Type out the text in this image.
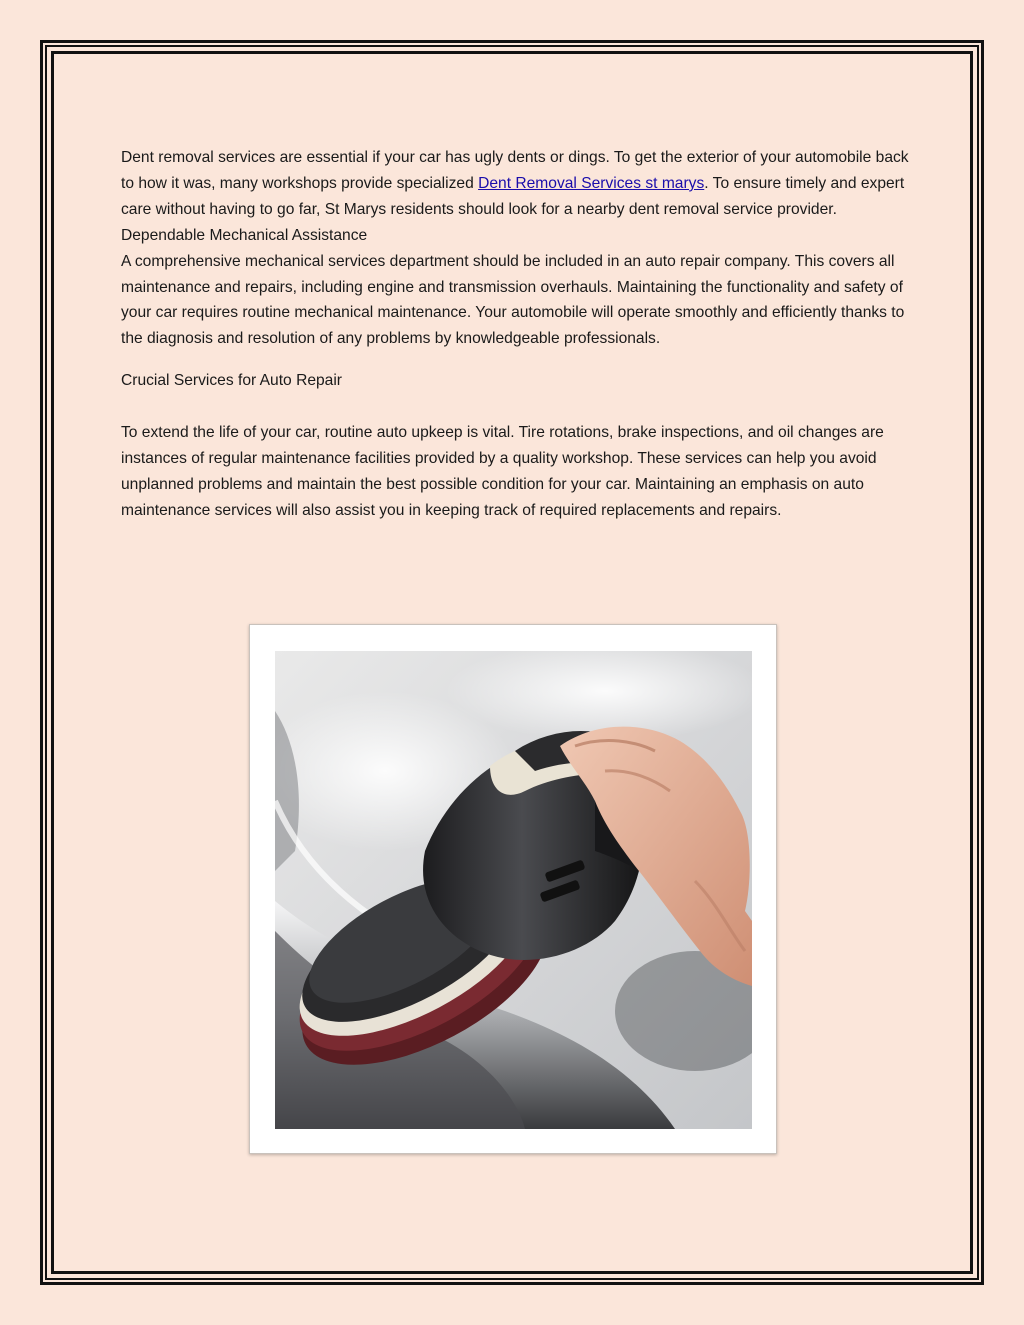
Dent removal services are essential if your car has ugly dents or dings. To get the exterior of your automobile back to how it was, many workshops provide specialized Dent Removal Services st marys. To ensure timely and expert care without having to go far, St Marys residents should look for a nearby dent removal service provider.

Dependable Mechanical Assistance

A comprehensive mechanical services department should be included in an auto repair company. This covers all maintenance and repairs, including engine and transmission overhauls. Maintaining the functionality and safety of your car requires routine mechanical maintenance. Your automobile will operate smoothly and efficiently thanks to the diagnosis and resolution of any problems by knowledgeable professionals.

Crucial Services for Auto Repair

To extend the life of your car, routine auto upkeep is vital. Tire rotations, brake inspections, and oil changes are instances of regular maintenance facilities provided by a quality workshop. These services can help you avoid unplanned problems and maintain the best possible condition for your car. Maintaining an emphasis on auto maintenance services will also assist you in keeping track of required replacements and repairs.
